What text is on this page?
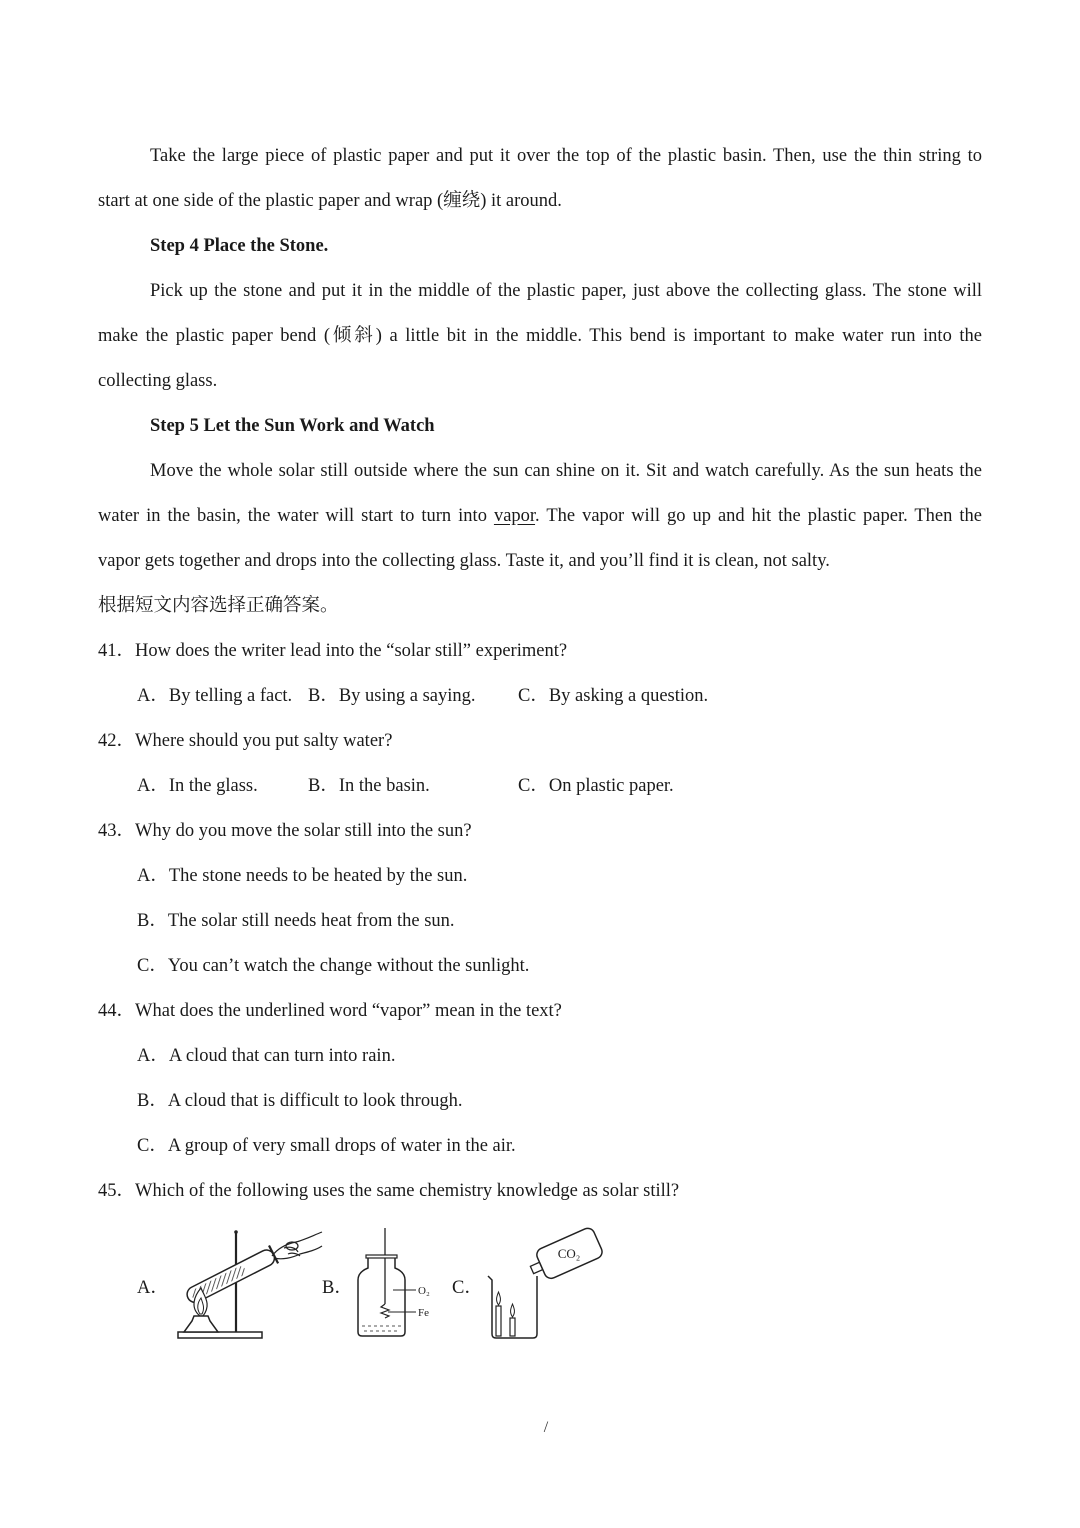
Take the large piece of plastic paper and put it over the top of the plastic basin. Then, use the thin string to
start at one side of the plastic paper and wrap (缠绕) it around.
Step 4 Place the Stone.
Pick up the stone and put it in the middle of the plastic paper, just above the collecting glass. The stone will
make the plastic paper bend (倾斜) a little bit in the middle. This bend is important to make water run into the
collecting glass.
Step 5 Let the Sun Work and Watch
Move the whole solar still outside where the sun can shine on it. Sit and watch carefully. As the sun heats the
water in the basin, the water will start to turn into vapor. The vapor will go up and hit the plastic paper. Then the
vapor gets together and drops into the collecting glass. Taste it, and you’ll find it is clean, not salty.
根据短文内容选择正确答案。
41．How does the writer lead into the “solar still” experiment?
A．By telling a fact. B．By using a saying. C．By asking a question.
42．Where should you put salty water?
A．In the glass.	B．In the basin.	C．On plastic paper.
43．Why do you move the solar still into the sun?
A．The stone needs to be heated by the sun.
B．The solar still needs heat from the sun.
C．You can’t watch the change without the sunlight.
44．What does the underlined word “vapor” mean in the text?
A．A cloud that can turn into rain.
B．A cloud that is difficult to look through.
C．A group of very small drops of water in the air.
45．Which of the following uses the same chemistry knowledge as solar still?
A．	B．	O₂
Fe
C．
CO₂
/
